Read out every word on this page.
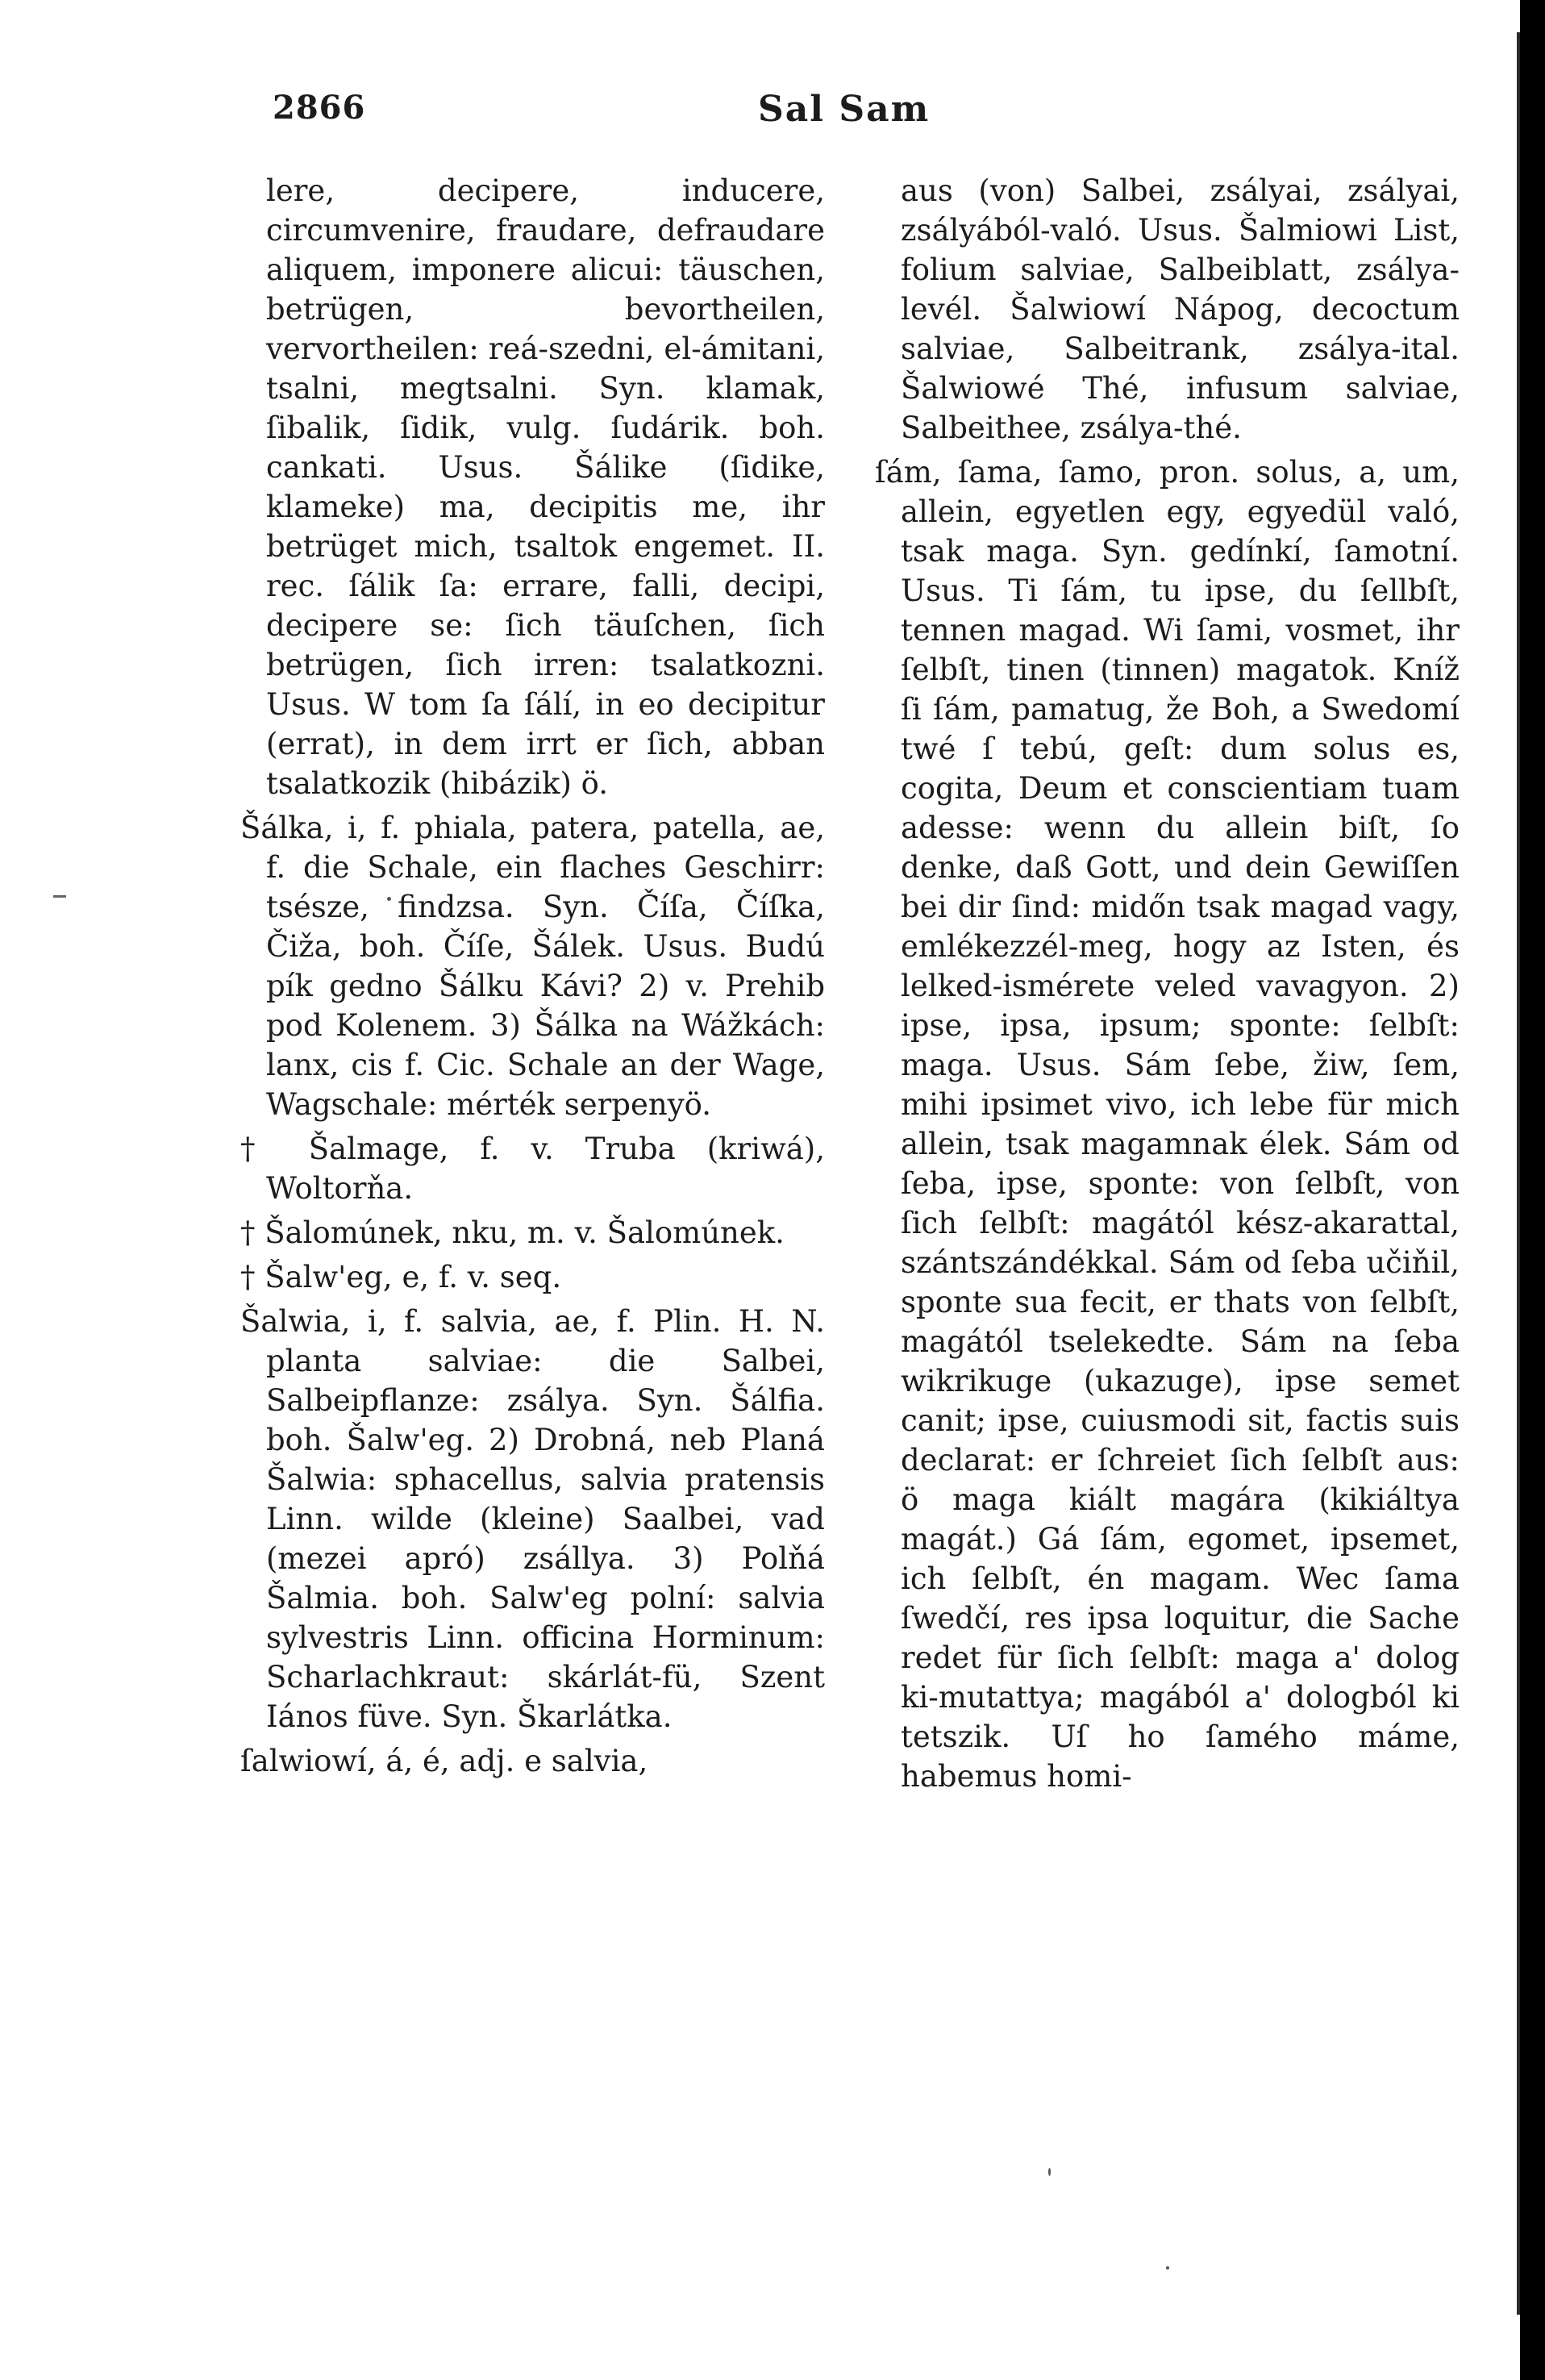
2866	Sal Sam

lere, decipere, inducere, circumvenire, fraudare, defraudare aliquem, imponere alicui: täuschen, betrügen, bevortheilen, vervortheilen: reá-szedni, el-ámitani, tsalni, megtsalni. Syn. klamak, ſibalik, ſidik, vulg. ſudárik. boh. cankati. Usus. Šálike (ſidike, klameke) ma, decipitis me, ihr betrüget mich, tsaltok engemet. II. rec. ſálik ſa: errare, falli, decipi, decipere se: ſich täuſchen, ſich betrügen, ſich irren: tsalatkozni. Usus. W tom ſa ſálí, in eo decipitur (errat), in dem irrt er ſich, abban tsalatkozik (hibázik) ö.

Šálka, i, f. phiala, patera, patella, ae, f. die Schale, ein flaches Geschirr: tsésze, findzsa. Syn. Číſa, Číſka, Čiža, boh. Číſe, Šálek. Usus. Budú pík gedno Šálku Kávi? 2) v. Prehib pod Kolenem. 3) Šálka na Wážkách: lanx, cis f. Cic. Schale an der Wage, Wagschale: mérték serpenyö.

† Šalmage, f. v. Truba (kriwá), Woltorňa.

† Šalomúnek, nku, m. v. Šalomúnek.

† Šalw'eg, e, f. v. seq.

Šalwia, i, f. salvia, ae, f. Plin. H. N. planta salviae: die Salbei, Salbeipflanze: zsálya. Syn. Šálfia. boh. Šalw'eg. 2) Drobná, neb Planá Šalwia: sphacellus, salvia pratensis Linn. wilde (kleine) Saalbei, vad (mezei apró) zsállya. 3) Polňá Šalmia. boh. Salw'eg polní: salvia sylvestris Linn. officina Horminum: Scharlachkraut: skárlát-fü, Szent Iános füve. Syn. Škarlátka.

ſalwiowí, á, é, adj. e salvia,

aus (von) Salbei, zsályai, zsályai, zsályából-való. Usus. Šalmiowi List, folium salviae, Salbeiblatt, zsálya-levél. Šalwiowí Nápog, decoctum salviae, Salbeitrank, zsálya-ital. Šalwiowé Thé, infusum salviae, Salbeithee, zsálya-thé.

ſám, ſama, ſamo, pron. solus, a, um, allein, egyetlen egy, egyedül való, tsak maga. Syn. gedínkí, ſamotní. Usus. Ti ſám, tu ipse, du ſellbſt, tennen magad. Wi ſami, vosmet, ihr ſelbſt, tinen (tinnen) magatok. Kníž ſi ſám, pamatug, že Boh, a Swedomí twé ſ tebú, geſt: dum solus es, cogita, Deum et conscientiam tuam adesse: wenn du allein biſt, ſo denke, daß Gott, und dein Gewiſſen bei dir ſind: midőn tsak magad vagy, emlékezzél-meg, hogy az Isten, és lelked-ismérete veled vavagyon. 2) ipse, ipsa, ipsum; sponte: ſelbſt: maga. Usus. Sám ſebe, žiw, ſem, mihi ipsimet vivo, ich lebe für mich allein, tsak magamnak élek. Sám od ſeba, ipse, sponte: von ſelbſt, von ſich ſelbſt: magától kész-akarattal, szántszándékkal. Sám od ſeba učiňil, sponte sua fecit, er thats von ſelbſt, magától tselekedte. Sám na ſeba wikrikuge (ukazuge), ipse semet canit; ipse, cuiusmodi sit, factis suis declarat: er ſchreiet ſich ſelbſt aus: ö maga kiált magára (kikiáltya magát.) Gá ſám, egomet, ipsemet, ich ſelbſt, én magam. Wec ſama ſwedčí, res ipsa loquitur, die Sache redet für ſich ſelbſt: maga a' dolog ki-mutattya; magából a' dologból ki tetszik. Uſ ho ſamého máme, habemus homi-
